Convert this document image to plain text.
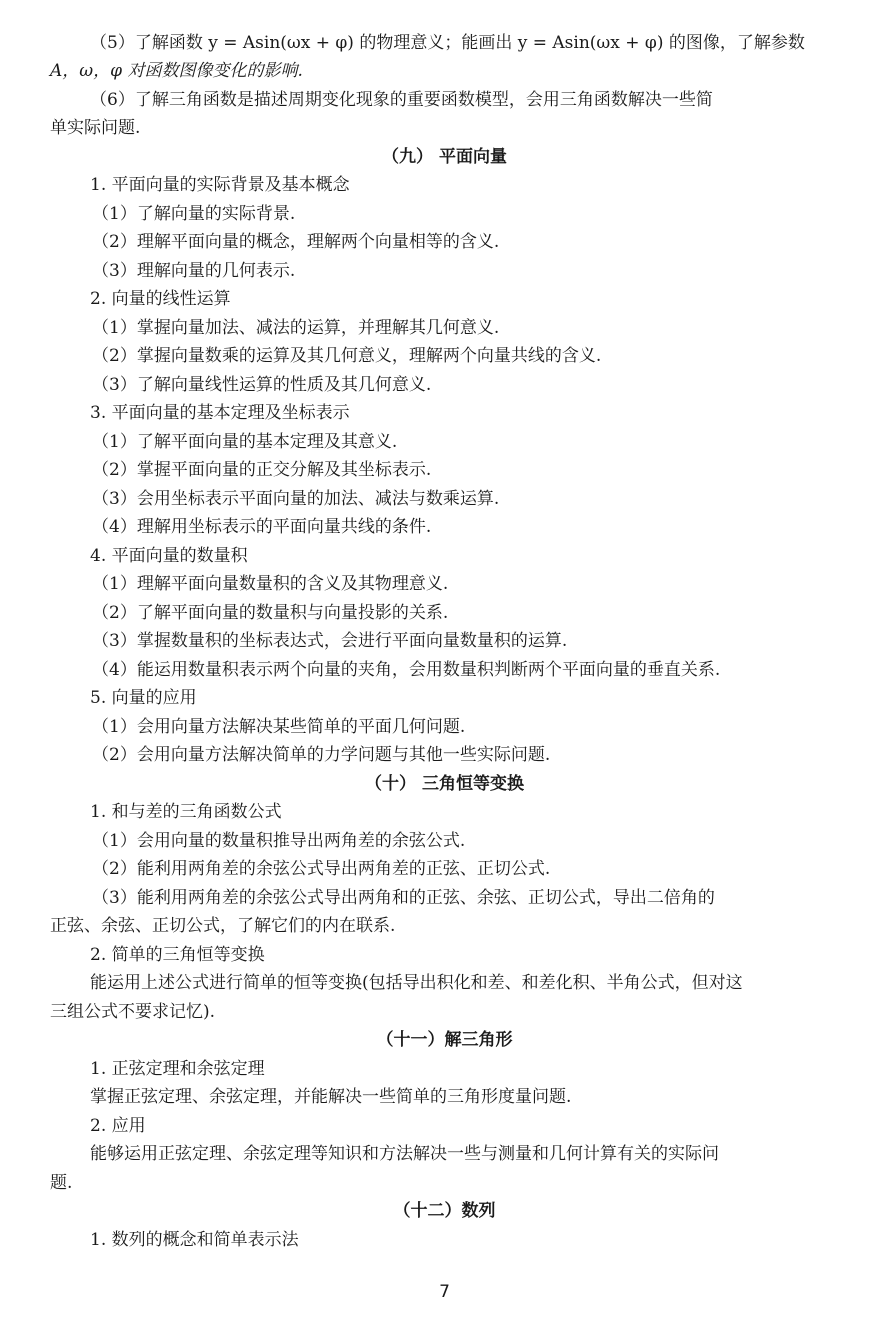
（5）了解函数 y = Asin(ωx + φ) 的物理意义；能画出 y = Asin(ωx + φ) 的图像，了解参数
A，ω，φ 对函数图像变化的影响.
（6）了解三角函数是描述周期变化现象的重要函数模型，会用三角函数解决一些简
单实际问题.
（九） 平面向量
1. 平面向量的实际背景及基本概念
（1）了解向量的实际背景.
（2）理解平面向量的概念，理解两个向量相等的含义.
（3）理解向量的几何表示.
2. 向量的线性运算
（1）掌握向量加法、减法的运算，并理解其几何意义.
（2）掌握向量数乘的运算及其几何意义，理解两个向量共线的含义.
（3）了解向量线性运算的性质及其几何意义.
3. 平面向量的基本定理及坐标表示
（1）了解平面向量的基本定理及其意义.
（2）掌握平面向量的正交分解及其坐标表示.
（3）会用坐标表示平面向量的加法、减法与数乘运算.
（4）理解用坐标表示的平面向量共线的条件.
4. 平面向量的数量积
（1）理解平面向量数量积的含义及其物理意义.
（2）了解平面向量的数量积与向量投影的关系.
（3）掌握数量积的坐标表达式，会进行平面向量数量积的运算.
（4）能运用数量积表示两个向量的夹角，会用数量积判断两个平面向量的垂直关系.
5. 向量的应用
（1）会用向量方法解决某些简单的平面几何问题.
（2）会用向量方法解决简单的力学问题与其他一些实际问题.
（十） 三角恒等变换
1. 和与差的三角函数公式
（1）会用向量的数量积推导出两角差的余弦公式.
（2）能利用两角差的余弦公式导出两角差的正弦、正切公式.
（3）能利用两角差的余弦公式导出两角和的正弦、余弦、正切公式，导出二倍角的
正弦、余弦、正切公式，了解它们的内在联系.
2. 简单的三角恒等变换
能运用上述公式进行简单的恒等变换(包括导出积化和差、和差化积、半角公式，但对这
三组公式不要求记忆).
（十一）解三角形
1. 正弦定理和余弦定理
掌握正弦定理、余弦定理，并能解决一些简单的三角形度量问题.
2. 应用
能够运用正弦定理、余弦定理等知识和方法解决一些与测量和几何计算有关的实际问
题.
（十二）数列
1. 数列的概念和简单表示法
7
